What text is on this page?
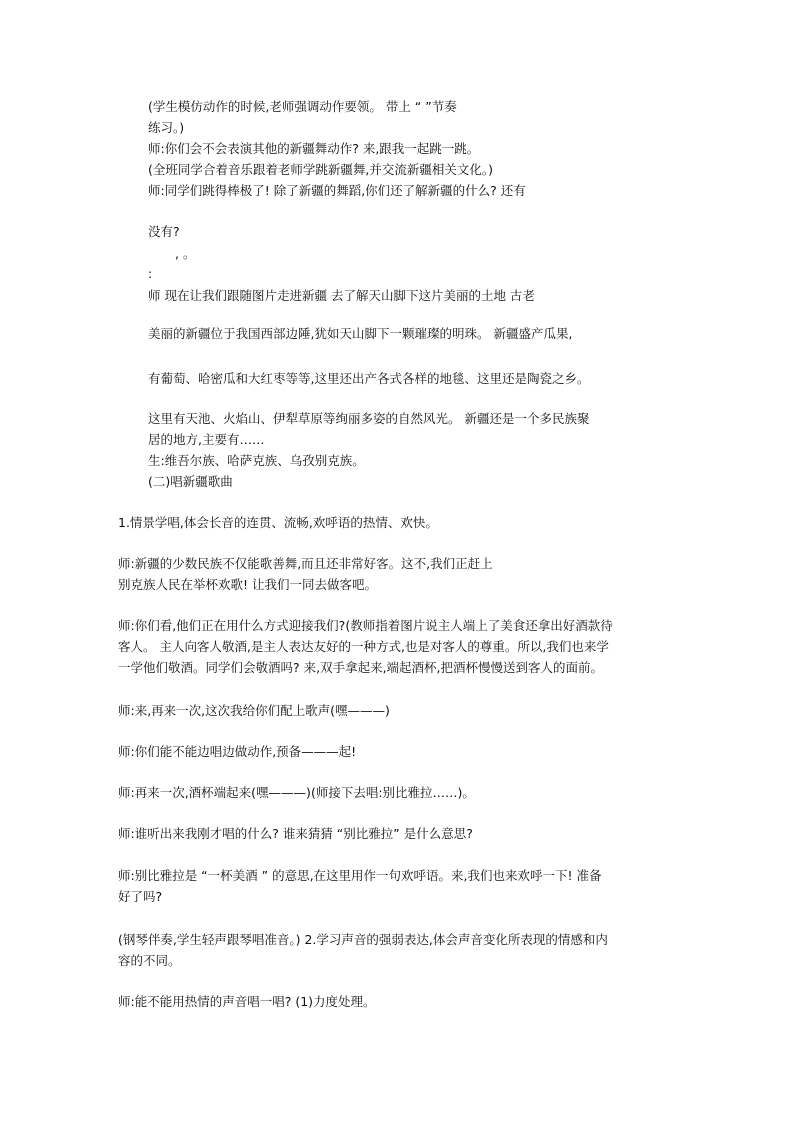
(学生模仿动作的时候,老师强调动作要领。 带上 “ ”节奏

练习。)

师:你们会不会表演其他的新疆舞动作? 来,跟我一起跳一跳。

(全班同学合着音乐跟着老师学跳新疆舞,并交流新疆相关文化。)

师:同学们跳得棒极了! 除了新疆的舞蹈,你们还了解新疆的什么? 还有

没有?

, 。

:

师 现在让我们跟随图片走进新疆 去了解天山脚下这片美丽的土地 古老

美丽的新疆位于我国西部边陲,犹如天山脚下一颗璀璨的明珠。 新疆盛产瓜果,

有葡萄、哈密瓜和大红枣等等,这里还出产各式各样的地毯、这里还是陶瓷之乡。

这里有天池、火焰山、伊犁草原等绚丽多姿的自然风光。 新疆还是一个多民族聚

居的地方,主要有……

生:维吾尔族、哈萨克族、乌孜别克族。

(二)唱新疆歌曲

1.情景学唱,体会长音的连贯、流畅,欢呼语的热情、欢快。

师:新疆的少数民族不仅能歌善舞,而且还非常好客。这不,我们正赶上

别克族人民在举杯欢歌! 让我们一同去做客吧。

师:你们看,他们正在用什么方式迎接我们?(教师指着图片说主人端上了美食还拿出好酒款待

客人。 主人向客人敬酒,是主人表达友好的一种方式,也是对客人的尊重。所以,我们也来学

一学他们敬酒。同学们会敬酒吗? 来,双手拿起来,端起酒杯,把酒杯慢慢送到客人的面前。

师:来,再来一次,这次我给你们配上歌声(嘿———)

师:你们能不能边唱边做动作,预备———起!

师:再来一次,酒杯端起来(嘿———)(师接下去唱:别比雅拉……)。

师:谁听出来我刚才唱的什么? 谁来猜猜 “别比雅拉” 是什么意思?

师:别比雅拉是 “一杯美酒 ” 的意思,在这里用作一句欢呼语。来,我们也来欢呼一下! 准备

好了吗?

(钢琴伴奏,学生轻声跟琴唱准音。) 2.学习声音的强弱表达,体会声音变化所表现的情感和内

容的不同。

师:能不能用热情的声音唱一唱? (1)力度处理。
